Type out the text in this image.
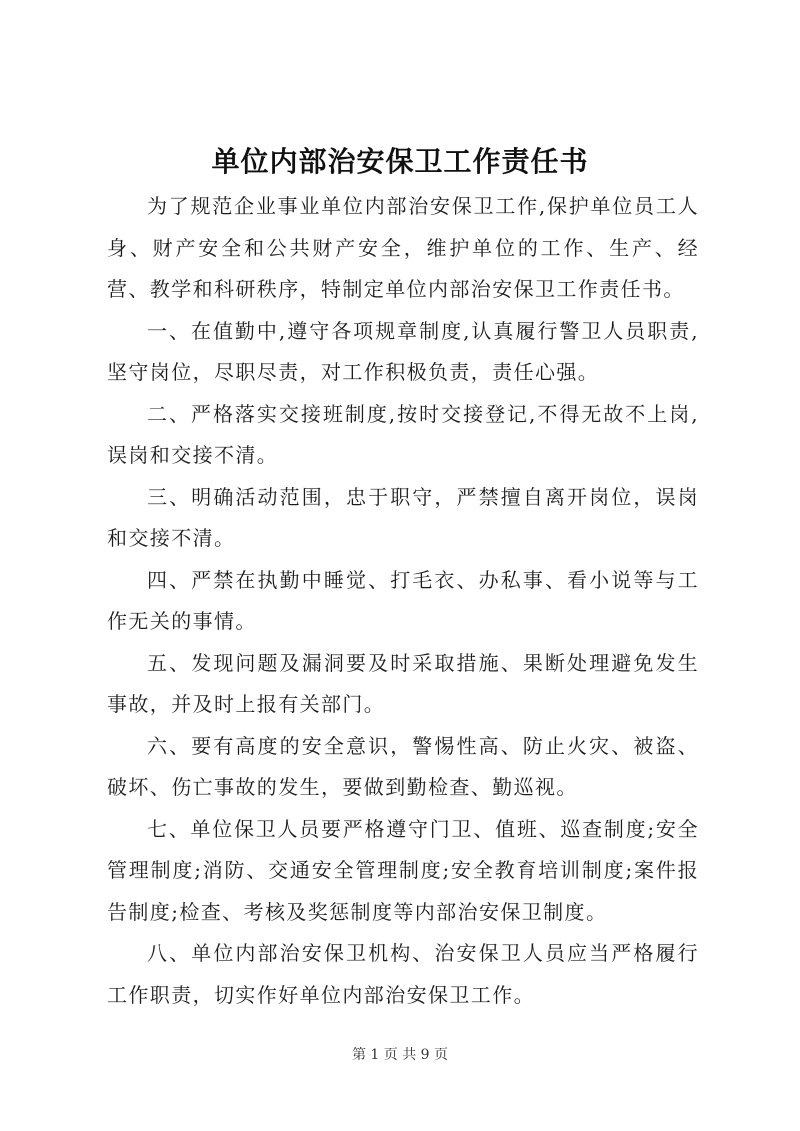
单位内部治安保卫工作责任书

为了规范企业事业单位内部治安保卫工作,保护单位员工人身、财产安全和公共财产安全，维护单位的工作、生产、经营、教学和科研秩序，特制定单位内部治安保卫工作责任书。

一、在值勤中,遵守各项规章制度,认真履行警卫人员职责,坚守岗位，尽职尽责，对工作积极负责，责任心强。

二、严格落实交接班制度,按时交接登记,不得无故不上岗,误岗和交接不清。

三、明确活动范围，忠于职守，严禁擅自离开岗位，误岗和交接不清。

四、严禁在执勤中睡觉、打毛衣、办私事、看小说等与工作无关的事情。

五、发现问题及漏洞要及时采取措施、果断处理避免发生事故，并及时上报有关部门。

六、要有高度的安全意识，警惕性高、防止火灾、被盗、破坏、伤亡事故的发生，要做到勤检查、勤巡视。

七、单位保卫人员要严格遵守门卫、值班、巡查制度;安全管理制度;消防、交通安全管理制度;安全教育培训制度;案件报告制度;检查、考核及奖惩制度等内部治安保卫制度。

八、单位内部治安保卫机构、治安保卫人员应当严格履行工作职责，切实作好单位内部治安保卫工作。

第 1 页 共 9 页
